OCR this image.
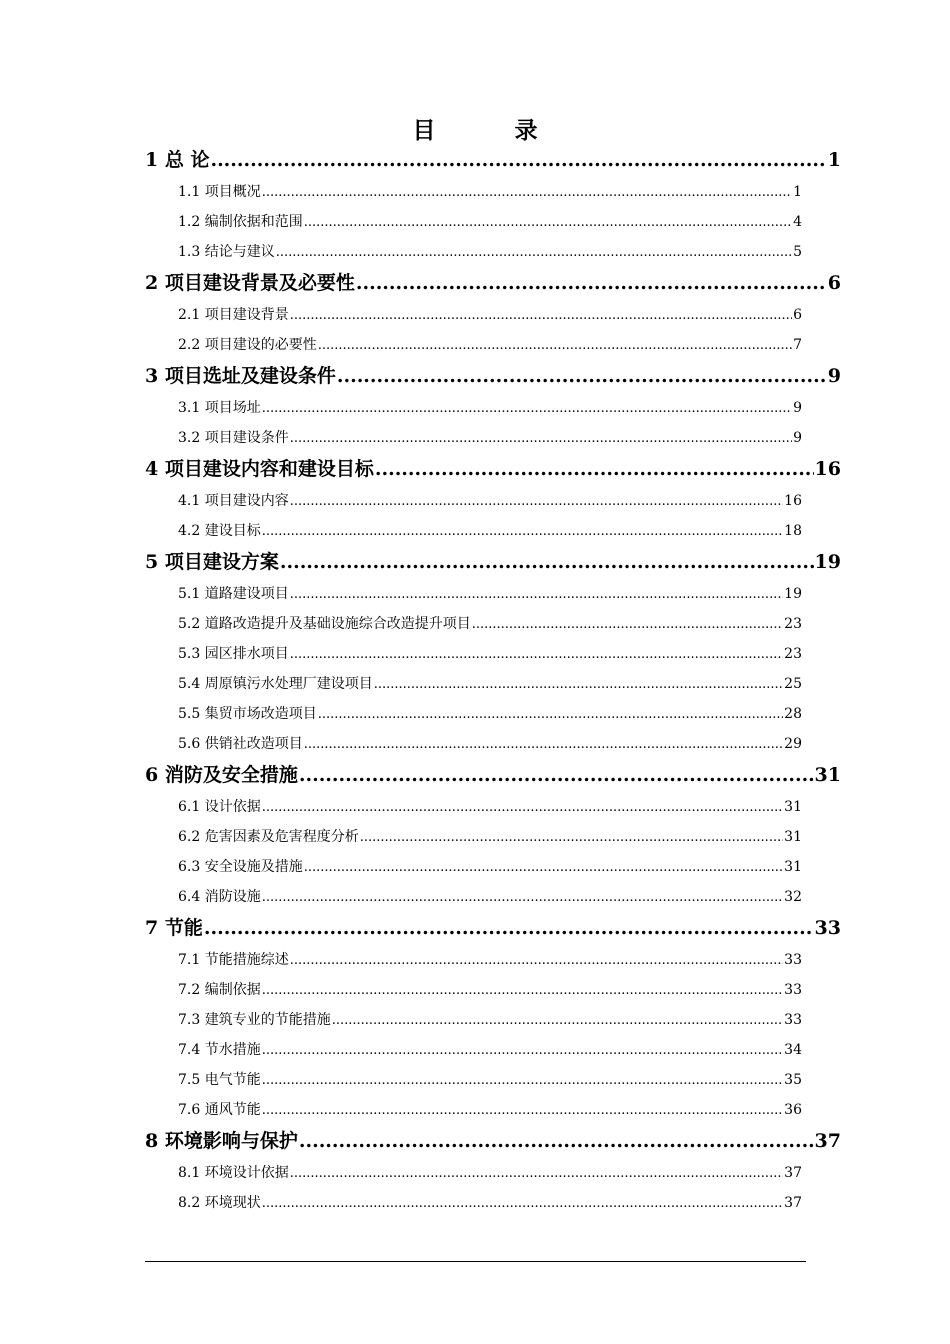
目　录
1 总 论 .....	1
1.1 项目概况 .....	1
1.2 编制依据和范围 .....	4
1.3 结论与建议 .....	5
2 项目建设背景及必要性 .....	6
2.1 项目建设背景 .....	6
2.2 项目建设的必要性 .....	7
3 项目选址及建设条件 .....	9
3.1 项目场址 .....	9
3.2 项目建设条件 .....	9
4 项目建设内容和建设目标 .....	16
4.1 项目建设内容 .....	16
4.2 建设目标 .....	18
5 项目建设方案 .....	19
5.1 道路建设项目 .....	19
5.2 道路改造提升及基础设施综合改造提升项目 .....	23
5.3 园区排水项目 .....	23
5.4 周原镇污水处理厂建设项目 .....	25
5.5 集贸市场改造项目 .....	28
5.6 供销社改造项目 .....	29
6 消防及安全措施 .....	31
6.1 设计依据 .....	31
6.2 危害因素及危害程度分析 .....	31
6.3 安全设施及措施 .....	31
6.4 消防设施 .....	32
7 节能 .....	33
7.1 节能措施综述 .....	33
7.2 编制依据 .....	33
7.3 建筑专业的节能措施 .....	33
7.4 节水措施 .....	34
7.5 电气节能 .....	35
7.6 通风节能 .....	36
8 环境影响与保护 .....	37
8.1 环境设计依据 .....	37
8.2 环境现状 .....	37
